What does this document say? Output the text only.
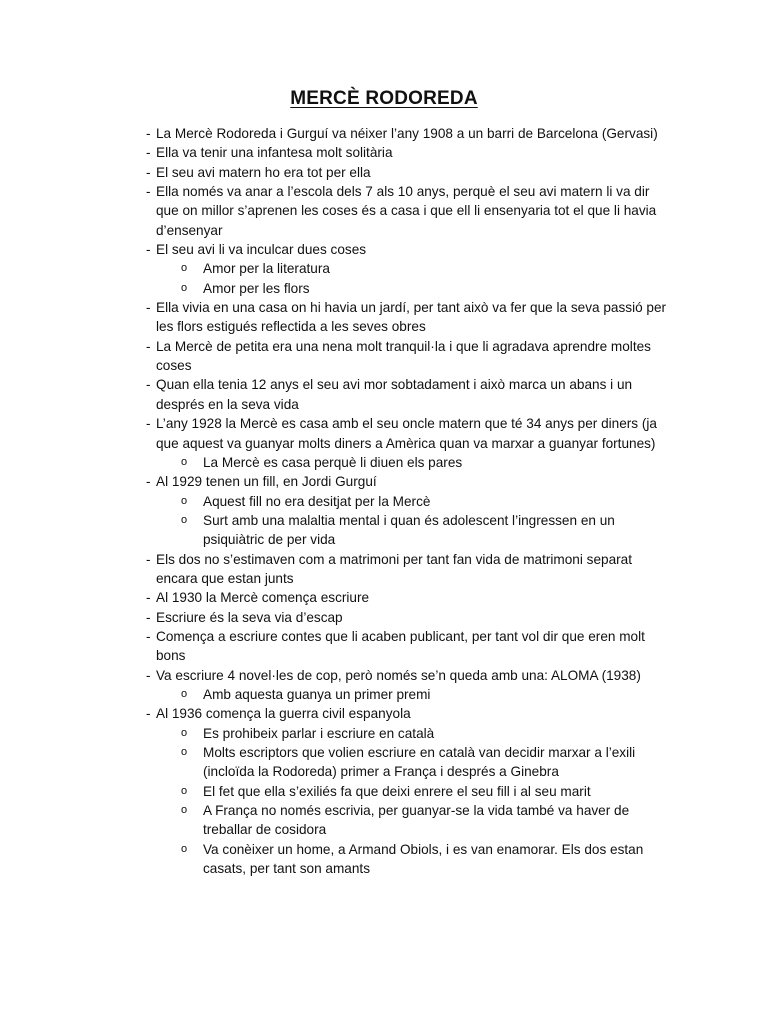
MERCÈ RODOREDA
- La Mercè Rodoreda i Gurguí va néixer l’any 1908 a un barri de Barcelona (Gervasi)
- Ella va tenir una infantesa molt solitària
- El seu avi matern ho era tot per ella
- Ella només va anar a l’escola dels 7 als 10 anys, perquè el seu avi matern li va dir que on millor s’aprenen les coses és a casa i que ell li ensenyaria tot el que li havia d’ensenyar
- El seu avi li va inculcar dues coses
o Amor per la literatura
o Amor per les flors
- Ella vivia en una casa on hi havia un jardí, per tant això va fer que la seva passió per les flors estigués reflectida a les seves obres
- La Mercè de petita era una nena molt tranquil·la i que li agradava aprendre moltes coses
- Quan ella tenia 12 anys el seu avi mor sobtadament i això marca un abans i un després en la seva vida
- L’any 1928 la Mercè es casa amb el seu oncle matern que té 34 anys per diners (ja que aquest va guanyar molts diners a Amèrica quan va marxar a guanyar fortunes)
o La Mercè es casa perquè li diuen els pares
- Al 1929 tenen un fill, en Jordi Gurguí
o Aquest fill no era desitjat per la Mercè
o Surt amb una malaltia mental i quan és adolescent l’ingressen en un psiquiàtric de per vida
- Els dos no s’estimaven com a matrimoni per tant fan vida de matrimoni separat encara que estan junts
- Al 1930 la Mercè comença escriure
- Escriure és la seva via d’escap
- Comença a escriure contes que li acaben publicant, per tant vol dir que eren molt bons
- Va escriure 4 novel·les de cop, però només se’n queda amb una: ALOMA (1938)
o Amb aquesta guanya un primer premi
- Al 1936 comença la guerra civil espanyola
o Es prohibeix parlar i escriure en català
o Molts escriptors que volien escriure en català van decidir marxar a l’exili (incloïda la Rodoreda) primer a França i després a Ginebra
o El fet que ella s’exiliés fa que deixi enrere el seu fill i al seu marit
o A França no només escrivia, per guanyar-se la vida també va haver de treballar de cosidora
o Va conèixer un home, a Armand Obiols, i es van enamorar. Els dos estan casats, per tant son amants
